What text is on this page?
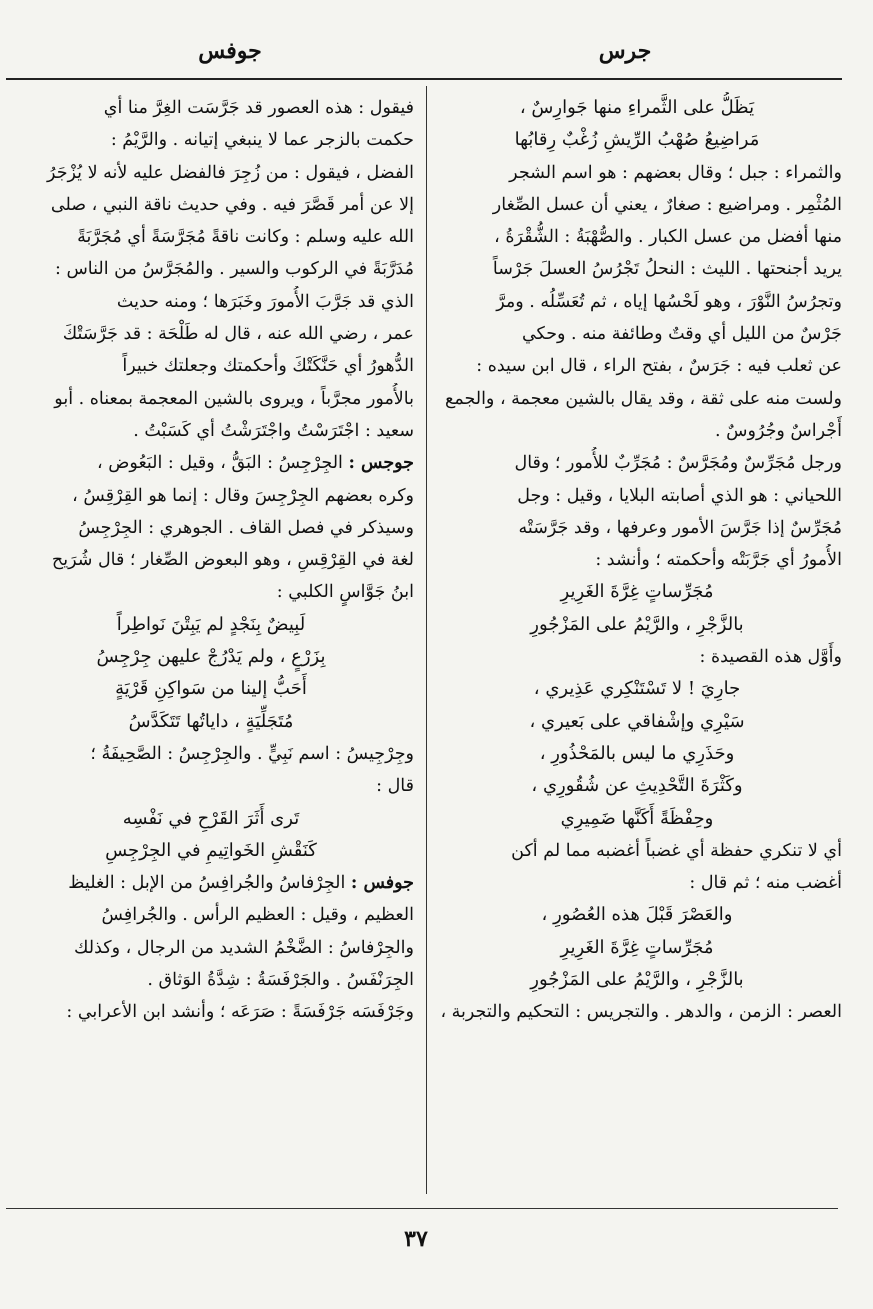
جرس
جوفس
يَظَلُّ على الثَّمراءِ منها جَوارِسٌ ،
مَراضِيعُ صُهْبُ الرِّيشِ زُغْبٌ رِقابُها
والثمراء : جبل ؛ وقال بعضهم : هو اسم الشجر
المُثْمِر . ومراضيع : صغارٌ ، يعني أن عسل الصِّغار
منها أفضل من عسل الكبار . والصُّهْبَةُ : الشُّقْرَةُ ،
يريد أجنحتها . الليث : النحلُ تَجْرُسُ العسلَ جَرْساً
وتجرُسُ النَّوْرَ ، وهو لَحْسُها إياه ، ثم تُعَسِّلُه . ومرَّ
جَرْسٌ من الليل أي وقتٌ وطائفة منه . وحكي
عن ثعلب فيه : جَرَسٌ ، بفتح الراء ، قال ابن سيده :
ولست منه على ثقة ، وقد يقال بالشين معجمة ، والجمع
أَجْراسٌ وجُرُوسٌ .
ورجل مُجَرِّسٌ ومُجَرَّسٌ : مُجَرِّبٌ للأُمور ؛ وقال
اللحياني : هو الذي أصابته البلايا ، وقيل : وجل
مُجَرِّسٌ إذا جَرَّسَ الأمور وعرفها ، وقد جَرَّسَتْه
الأُمورُ أي جَرَّبَتْه وأحكمته ؛ وأنشد :
مُجَرِّساتٍ غِرَّةَ الغَرِيرِ
بالزَّجْرِ ، والرَّيْمُ على المَزْجُورِ
وأَوَّل هذه القصيدة :
جارِيَ ! لا تَسْتَنْكِري عَذِيري ،
سَيْرِي وإشْفاقي على بَعيري ،
وحَذَرِي ما ليس بالمَحْذُورِ ،
وكَثْرَةَ التَّحْدِيثِ عن شُقُورِي ،
وحِفْظَةً أَكَنَّها ضَمِيرِي
أي لا تنكري حفظة أي غضباً أغضبه مما لم أكن
أغضب منه ؛ ثم قال :
والعَصْرَ قَبْلَ هذه العُصُورِ ،
مُجَرِّساتٍ غِرَّةَ الغَرِيرِ
بالزَّجْرِ ، والرَّيْمُ على المَزْجُورِ
العصر : الزمن ، والدهر . والتجريس : التحكيم والتجربة ،
فيقول : هذه العصور قد جَرَّسَت الغِرَّ منا أي
حكمت بالزجر عما لا ينبغي إتيانه . والرَّيْمُ :
الفضل ، فيقول : من زُجِرَ فالفضل عليه لأنه لا يُزْجَرُ
إلا عن أمر قَصَّرَ فيه . وفي حديث ناقة النبي ، صلى
الله عليه وسلم : وكانت ناقةً مُجَرَّسَةً أي مُجَرَّبَةً
مُدَرَّبَةً في الركوب والسير . والمُجَرَّسُ من الناس :
الذي قد جَرَّبَ الأُمورَ وخَبَرَها ؛ ومنه حديث
عمر ، رضي الله عنه ، قال له طَلْحَة : قد جَرَّسَتْكَ
الدُّهورُ أي حَنَّكَتْكَ وأحكمتك وجعلتك خبيراً
بالأُمور مجرَّباً ، ويروى بالشين المعجمة بمعناه . أبو
سعيد : اجْتَرَسْتُ واجْتَرَشْتُ أي كَسَبْتُ .
جوجس : الجِرْجِسُ : البَقُّ ، وقيل : البَعُوض ،
وكره بعضهم الجِرْجِسَ وقال : إنما هو القِرْقِسُ ،
وسيذكر في فصل القاف . الجوهري : الجِرْجِسُ
لغة في القِرْقِسِ ، وهو البعوض الصِّغار ؛ قال شُرَيح
ابنُ جَوَّاسٍ الكلبي :
لَبِيضٌ بِنَجْدٍ لم يَبِتْنَ نَواطِراً
بِزَرْعٍ ، ولم يَدْرُجْ عليهن جِرْجِسُ
أَحَبُّ إلينا من سَواكِنِ قَرْيَةٍ
مُتَجَلِّيَةٍ ، داياتُها تَتَكَدَّسُ
وجِرْجِيسُ : اسم نَبِيٍّ . والجِرْجِسُ : الصَّحِيفَةُ ؛
قال :
تَرى أَثَرَ القَرْحِ في نَفْسِه
كَنَقْشِ الخَواتِيمِ في الجِرْجِسِ
جوفس : الجِرْفاسُ والجُرافِسُ من الإبل : الغليظ
العظيم ، وقيل : العظيم الرأس . والجُرافِسُ
والجِرْفاسُ : الضَّخْمُ الشديد من الرجال ، وكذلك
الجِرَنْفَسُ . والجَرْفَسَةُ : شِدَّةُ الوَثاق .
وجَرْفَسَه جَرْفَسَةً : صَرَعَه ؛ وأنشد ابن الأعرابي :
٣٧
